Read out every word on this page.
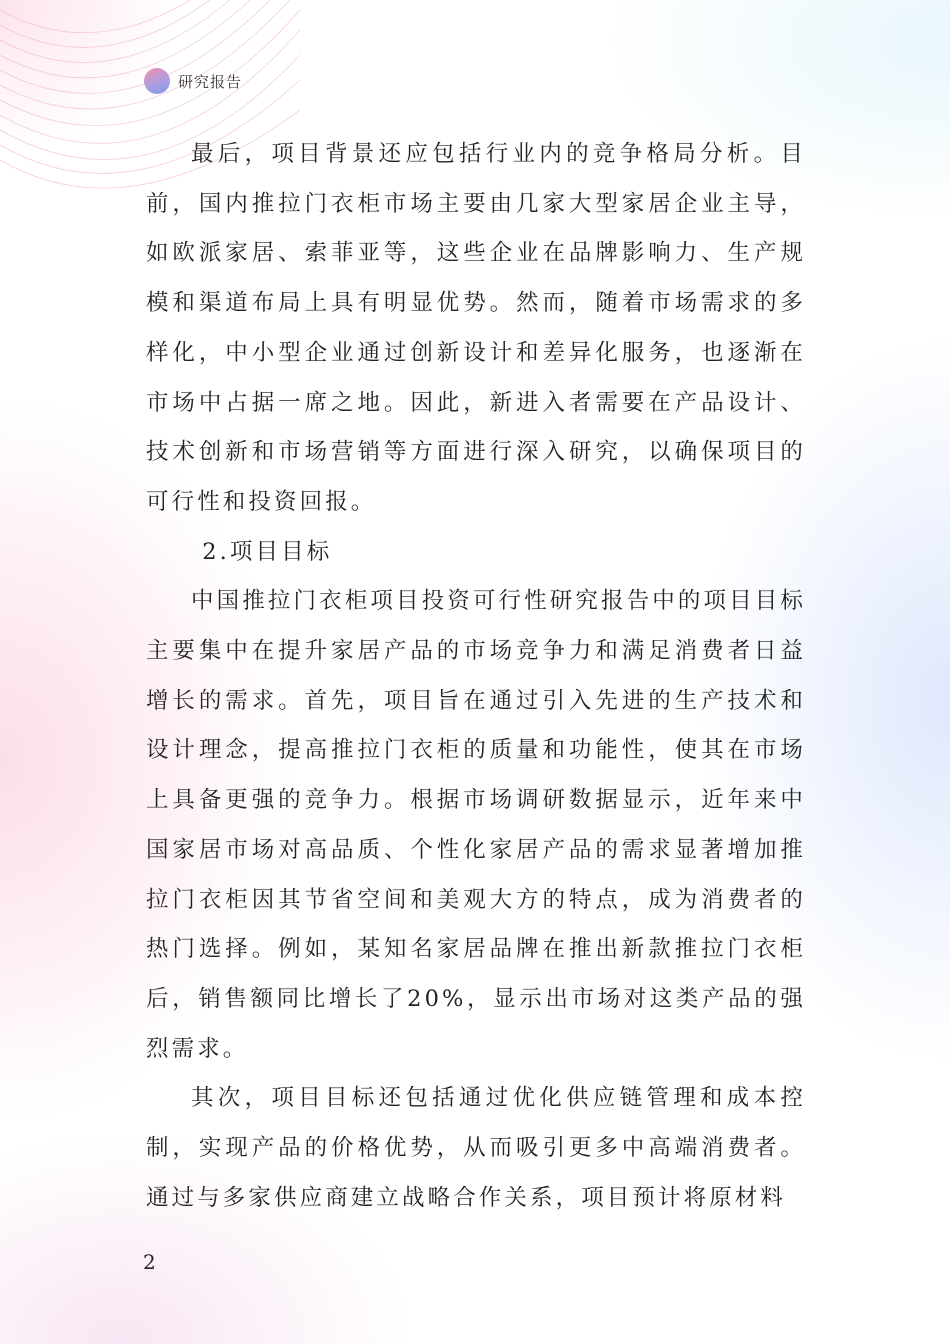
研究报告

最后，项目背景还应包括行业内的竞争格局分析。目前，国内推拉门衣柜市场主要由几家大型家居企业主导，如欧派家居、索菲亚等，这些企业在品牌影响力、生产规模和渠道布局上具有明显优势。然而，随着市场需求的多样化，中小型企业通过创新设计和差异化服务，也逐渐在市场中占据一席之地。因此，新进入者需要在产品设计、技术创新和市场营销等方面进行深入研究，以确保项目的可行性和投资回报。

2.项目目标

中国推拉门衣柜项目投资可行性研究报告中的项目目标主要集中在提升家居产品的市场竞争力和满足消费者日益增长的需求。首先，项目旨在通过引入先进的生产技术和设计理念，提高推拉门衣柜的质量和功能性，使其在市场上具备更强的竞争力。根据市场调研数据显示，近年来中国家居市场对高品质、个性化家居产品的需求显著增加推拉门衣柜因其节省空间和美观大方的特点，成为消费者的热门选择。例如，某知名家居品牌在推出新款推拉门衣柜后，销售额同比增长了20%，显示出市场对这类产品的强烈需求。

其次，项目目标还包括通过优化供应链管理和成本控制，实现产品的价格优势，从而吸引更多中高端消费者。通过与多家供应商建立战略合作关系，项目预计将原材料

2
